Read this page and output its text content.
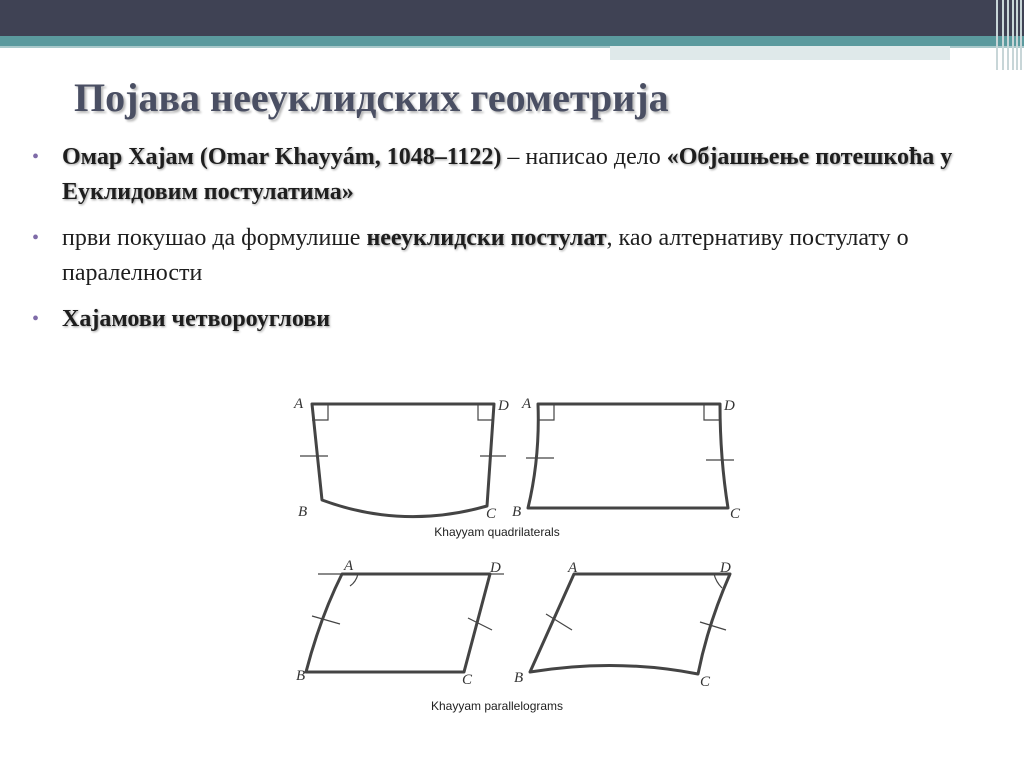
Појава нееуклидских геометрија
• Омар Хајам (Omar Khayyám, 1048–1122) – написао дело «Објашњење потешкоћа у Еуклидовим постулатима»
• први покушао да формулише нееуклидски постулат, као алтернативу постулату о паралелности
• Хајамови четвороуглови
A	D
B	C
A	D
B	C
A	D
B	C
A	D
B	C
Khayyam quadrilaterals
Khayyam parallelograms
